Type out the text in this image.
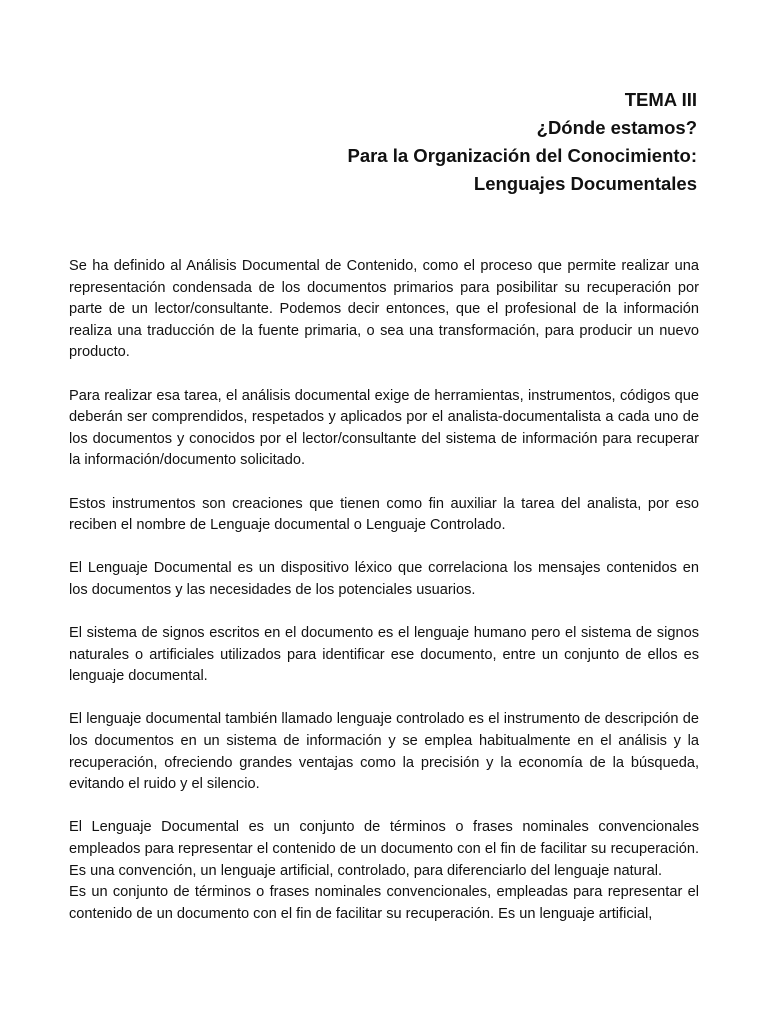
TEMA III
¿Dónde estamos?
Para la Organización del Conocimiento:
Lenguajes Documentales

Se ha definido al Análisis Documental de Contenido, como el proceso que permite realizar una representación condensada de los documentos primarios para posibilitar su recuperación por parte de un lector/consultante. Podemos decir entonces, que el profesional de la información realiza una traducción de la fuente primaria, o sea una transformación, para producir un nuevo producto.

Para realizar esa tarea, el análisis documental exige de herramientas, instrumentos, códigos que deberán ser comprendidos, respetados y aplicados por el analista-documentalista a cada uno de los documentos y conocidos por el lector/consultante del sistema de información para recuperar la información/documento solicitado.

Estos instrumentos son creaciones que tienen como fin auxiliar la tarea del analista, por eso reciben el nombre de Lenguaje documental o Lenguaje Controlado.

El Lenguaje Documental es un dispositivo léxico que correlaciona los mensajes contenidos en los documentos y las necesidades de los potenciales usuarios.

El sistema de signos escritos en el documento es el lenguaje humano pero el sistema de signos naturales o artificiales utilizados para identificar ese documento, entre un conjunto de ellos es lenguaje documental.

El lenguaje documental también llamado lenguaje controlado es el instrumento de descripción de los documentos en un sistema de información y se emplea habitualmente en el análisis y la recuperación, ofreciendo grandes ventajas como la precisión y la economía de la búsqueda, evitando el ruido y el silencio.

El Lenguaje Documental es un conjunto de términos o frases nominales convencionales empleados para representar el contenido de un documento con el fin de facilitar su recuperación. Es una convención, un lenguaje artificial, controlado, para diferenciarlo del lenguaje natural.

Es un conjunto de términos o frases nominales convencionales, empleadas para representar el contenido de un documento con el fin de facilitar su recuperación. Es un lenguaje artificial,
